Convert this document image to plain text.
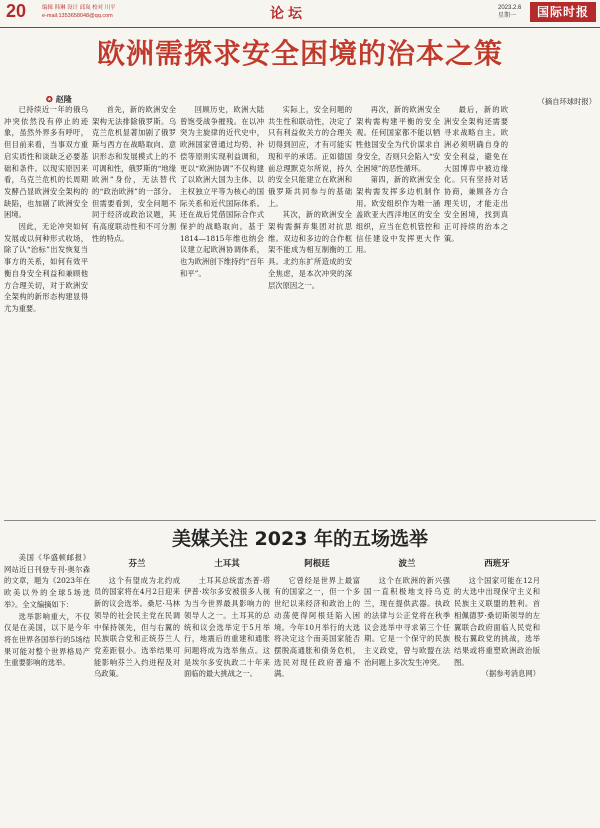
20	编辑 韩琳 设计 邱岚 校对 川平
e-mail:1353658048@qq.com	论坛	2023.2.6
星期一	国际时报
欧洲需探求安全困境的治本之策
✪ 赵隆

已持续近一年的俄乌冲突依然没有停止的迹象，虽然外界多有呼吁，但目前来看，当事双方重启实质性和谈缺乏必要基础和条件。以现实原因来看，乌克兰危机的长周期发酵凸显欧洲安全架构的缺陷，也加剧了欧洲安全困境。

因此，无论冲突如何发展或以何种形式收场，除了认“治标”出发恢复当事方的关系，如何有效平衡自身安全利益和兼顾他方合理关切，对于欧洲安全架构的新形态构建显得尤为重要。

首先，新的欧洲安全架构无法排除俄罗斯。乌克兰危机显著加剧了俄罗斯与西方在战略取向、意识形态和发展模式上的不可调和性，俄罗斯的“地缘欧洲”身份，无法替代的“政治欧洲”的一部分。但需要看到，安全问题不同于经济或政治议题，其有高度联动性和不可分割性的特点。

回顾历史，欧洲大陆曾饱受战争摧残。在以冲突为主旋律的近代史中，欧洲国家曾通过均势、补偿等原则实现利益调和，更以“欧洲协调”不仅构建了以欧洲大国为主体、以主权独立平等为核心的国际关系和近代国际体系。还在战后凭借国际合作式保护的战略取向。基于1814—1815年维也纳会议建立起欧洲协调体系，也为欧洲创下维持约“百年和平”。

实际上，安全问题的共生性和联动性，决定了只有利益攸关方的合理关切得到回应，才有可能实现和平的承诺。正如德国前总理默克尔所说，持久的安全只能建立在欧洲和俄罗斯共同参与的基础上。

其次，新的欧洲安全架构需摒弃集团对抗思维。双边和多边的合作框架不能成为相互制衡的工具。北约东扩所造成的安全焦虑，是本次冲突的深层次原因之一。

再次，新的欧洲安全架构需构建平衡的安全观。任何国家都不能以牺牲他国安全为代价谋求自身安全，否则只会陷入“安全困境”的恶性循环。

第四，新的欧洲安全架构需发挥多边机制作用。欧安组织作为唯一涵盖欧亚大西洋地区的安全组织，应当在危机管控和信任建设中发挥更大作用。

最后，新的欧洲安全架构还需要寻求战略自主。欧洲必须明确自身的安全利益，避免在大国博弈中被边缘化。只有坚持对话协商，兼顾各方合理关切，才能走出安全困境，找到真正可持续的治本之策。

（摘自环球时报）

美媒关注 2023 年的五场选举

美国《华盛顿邮报》网站近日刊登专刊-奥尔森的文章，题为《2023年在欧美以外的全球5场选举》。全文编摘如下：

选举影响重大，不仅仅是在美国，以下是今年将在世界各国举行的5场结果可能对整个世界格局产生重要影响的选举。

芬兰

这个有望成为北约成员的国家将在4月2日迎来新的议会选举。桑尼·马林领导的社会民主党在民调中保持领先，但与右翼的民族联合党和正统芬兰人党差距很小。选举结果可能影响芬兰入约进程及对乌政策。

土耳其

土耳其总统雷杰普·塔伊普·埃尔多安被很多人视为当今世界最具影响力的领导人之一。土耳其的总统和议会选举定于5月举行，地震后的重建和通胀问题将成为选举焦点。这是埃尔多安执政二十年来面临的最大挑战之一。

阿根廷

它曾经是世界上最富有的国家之一，但一个多世纪以来经济和政治上的动荡使得阿根廷陷入困境。今年10月举行的大选将决定这个南美国家能否摆脱高通胀和债务危机，选民对现任政府普遍不满。

波兰

这个在欧洲的新兴强国一直积极地支持乌克兰，现在提供武器。执政的法律与公正党将在秋季议会选举中寻求第三个任期。它是一个保守的民族主义政党，曾与欧盟在法治问题上多次发生冲突。

西班牙

这个国家可能在12月的大选中出现保守主义和民族主义联盟的胜利。首相佩德罗·桑切斯领导的左翼联合政府面临人民党和极右翼政党的挑战，选举结果或将重塑欧洲政治版图。

（据参考消息网）
